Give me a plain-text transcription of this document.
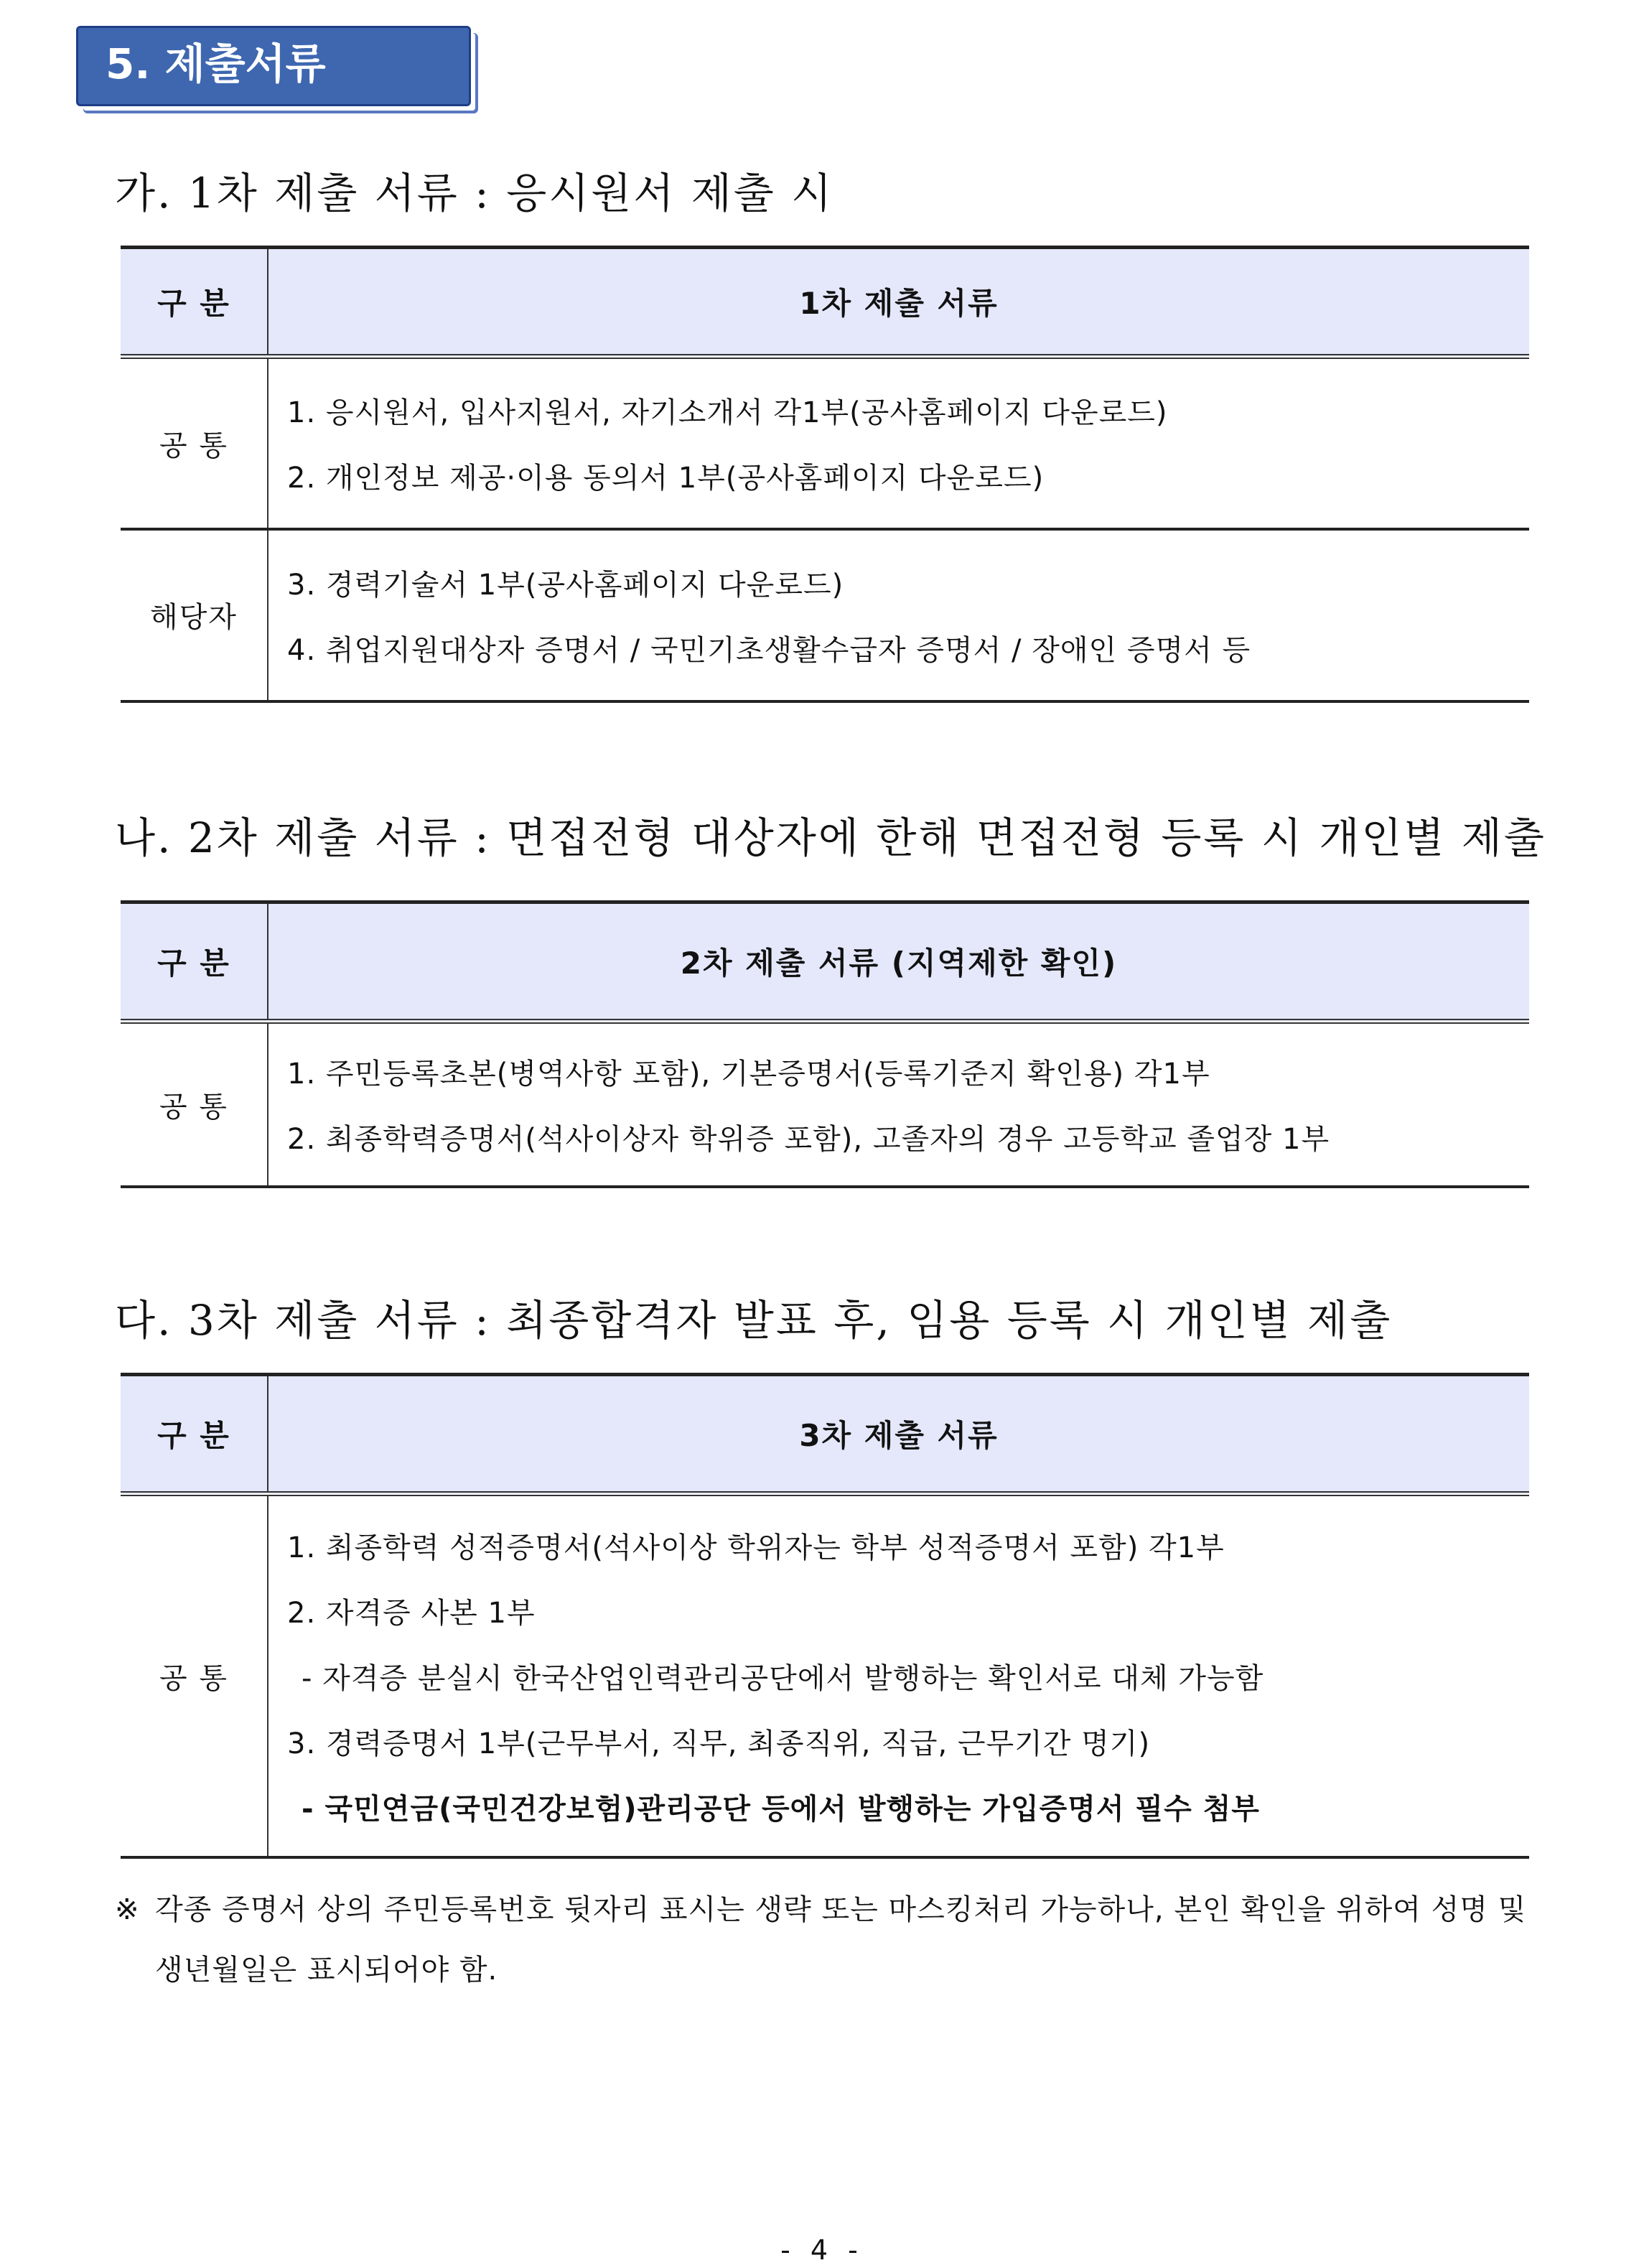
5. 제출서류
가. 1차 제출 서류 : 응시원서 제출 시
구 분	1차 제출 서류
공 통	1. 응시원서, 입사지원서, 자기소개서 각1부(공사홈페이지 다운로드)
2. 개인정보 제공·이용 동의서 1부(공사홈페이지 다운로드)

해당자	3. 경력기술서 1부(공사홈페이지 다운로드)
4. 취업지원대상자 증명서 / 국민기초생활수급자 증명서 / 장애인 증명서 등
나. 2차 제출 서류 : 면접전형 대상자에 한해 면접전형 등록 시 개인별 제출
구 분	2차 제출 서류 (지역제한 확인)
공 통	1. 주민등록초본(병역사항 포함), 기본증명서(등록기준지 확인용) 각1부
2. 최종학력증명서(석사이상자 학위증 포함), 고졸자의 경우 고등학교 졸업장 1부
다. 3차 제출 서류 : 최종합격자 발표 후, 임용 등록 시 개인별 제출
구 분	3차 제출 서류
공 통	1. 최종학력 성적증명서(석사이상 학위자는 학부 성적증명서 포함) 각1부
2. 자격증 사본 1부
- 자격증 분실시 한국산업인력관리공단에서 발행하는 확인서로 대체 가능함
3. 경력증명서 1부(근무부서, 직무, 최종직위, 직급, 근무기간 명기)
- 국민연금(국민건강보험)관리공단 등에서 발행하는 가입증명서 필수 첨부
※ 각종 증명서 상의 주민등록번호 뒷자리 표시는 생략 또는 마스킹처리 가능하나, 본인 확인을 위하여 성명 및
생년월일은 표시되어야 함.
- 4 -
